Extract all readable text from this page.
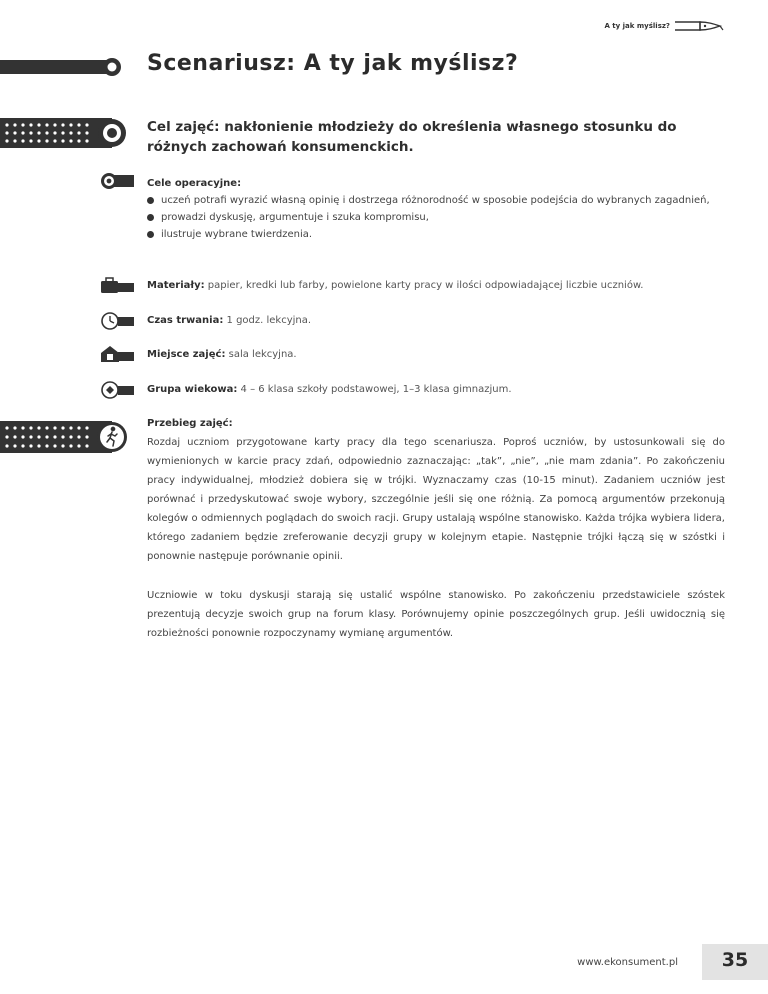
A ty jak myślisz?
Scenariusz: A ty jak myślisz?
Cel zajęć: nakłonienie młodzieży do określenia własnego stosunku do różnych zachowań konsumenckich.
Cele operacyjne:
uczeń potrafi wyrazić własną opinię i dostrzega różnorodność w sposobie podejścia do wybranych zagadnień,
prowadzi dyskusję, argumentuje i szuka kompromisu,
ilustruje wybrane twierdzenia.
Materiały: papier, kredki lub farby, powielone karty pracy w ilości odpowiadającej liczbie uczniów.
Czas trwania: 1 godz. lekcyjna.
Miejsce zajęć: sala lekcyjna.
Grupa wiekowa: 4 – 6 klasa szkoły podstawowej, 1–3 klasa gimnazjum.
Przebieg zajęć:

Rozdaj uczniom przygotowane karty pracy dla tego scenariusza. Poproś uczniów, by ustosunkowali się do wymienionych w karcie pracy zdań, odpowiednio zaznaczając: „tak”, „nie”, „nie mam zdania”. Po zakończeniu pracy indywidualnej, młodzież dobiera się w trójki. Wyznaczamy czas (10-15 minut). Zadaniem uczniów jest porównać i przedyskutować swoje wybory, szczególnie jeśli się one różnią. Za pomocą argumentów przekonują kolegów o odmiennych poglądach do swoich racji. Grupy ustalają wspólne stanowisko. Każda trójka wybiera lidera, którego zadaniem będzie zreferowanie decyzji grupy w kolejnym etapie. Następnie trójki łączą się w szóstki i ponownie następuje porównanie opinii.

Uczniowie w toku dyskusji starają się ustalić wspólne stanowisko. Po zakończeniu przedstawiciele szóstek prezentują decyzje swoich grup na forum klasy. Porównujemy opinie poszczególnych grup. Jeśli uwidocznią się rozbieżności ponownie rozpoczynamy wymianę argumentów.

www.ekonsument.pl	35
